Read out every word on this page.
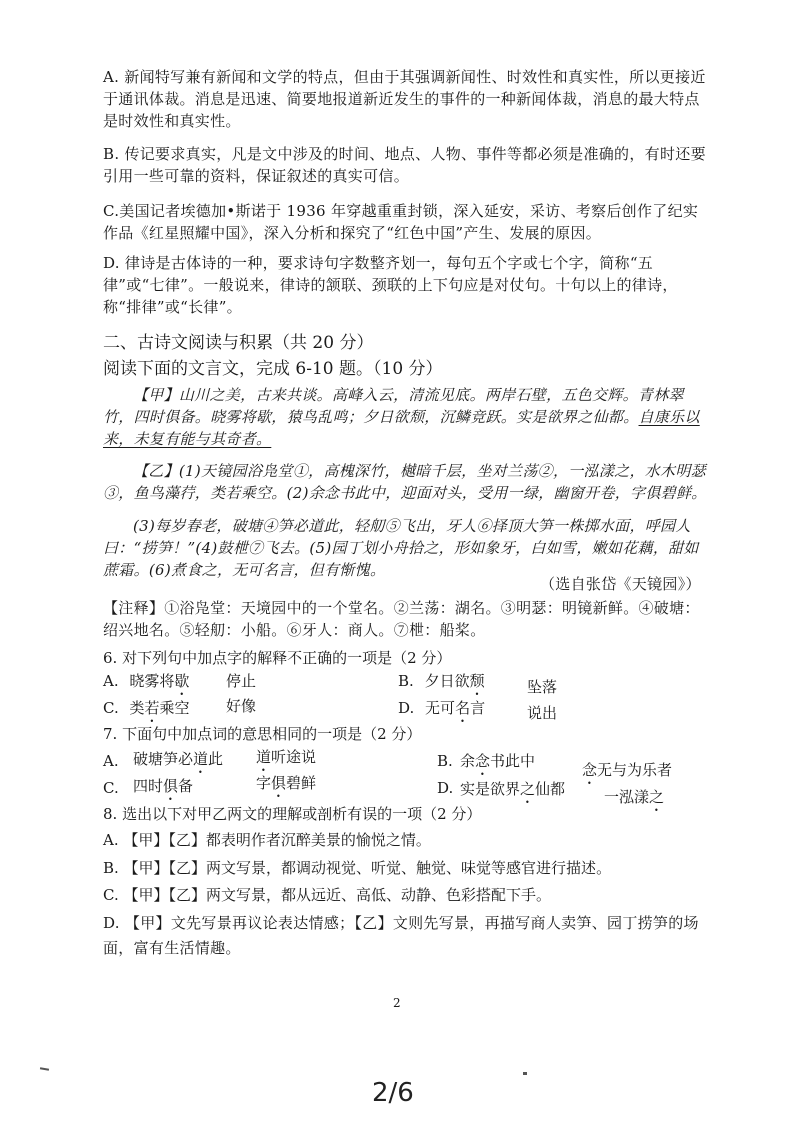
A. 新闻特写兼有新闻和文学的特点，但由于其强调新闻性、时效性和真实性，所以更接近于通讯体裁。消息是迅速、简要地报道新近发生的事件的一种新闻体裁，消息的最大特点是时效性和真实性。
B. 传记要求真实，凡是文中涉及的时间、地点、人物、事件等都必须是准确的，有时还要引用一些可靠的资料，保证叙述的真实可信。
C.美国记者埃德加•斯诺于 1936 年穿越重重封锁，深入延安，采访、考察后创作了纪实作品《红星照耀中国》，深入分析和探究了“红色中国”产生、发展的原因。
D. 律诗是古体诗的一种，要求诗句字数整齐划一，每句五个字或七个字，简称“五律”或“七律”。一般说来，律诗的颔联、颈联的上下句应是对仗句。十句以上的律诗，称“排律”或“长律”。
二、古诗文阅读与积累（共 20 分）
阅读下面的文言文，完成 6-10 题。（10 分）
【甲】山川之美，古来共谈。高峰入云，清流见底。两岸石壁，五色交辉。青林翠竹，四时俱备。晓雾将歇，猿鸟乱鸣；夕日欲颓，沉鳞竞跃。实是欲界之仙都。自康乐以来，未复有能与其奇者。
【乙】(1)天镜园浴凫堂①，高槐深竹，樾暗千层，坐对兰荡②，一泓漾之，水木明瑟③，鱼鸟藻荇，类若乘空。(2)余念书此中，迎面对头，受用一绿，幽窗开卷，字俱碧鲜。
(3)每岁春老，破塘④笋必道此，轻舠⑤飞出，牙人⑥择顶大笋一株掷水面，呼园人曰：“捞笋！”(4)鼓枻⑦飞去。(5)园丁划小舟拾之，形如象牙，白如雪，嫩如花藕，甜如蔗霜。(6)煮食之，无可名言，但有惭愧。
（选自张岱《天镜园》）
【注释】①浴凫堂：天境园中的一个堂名。②兰荡：湖名。③明瑟：明镜新鲜。④破塘：绍兴地名。⑤轻舠：小船。⑥牙人：商人。⑦枻：船桨。
6. 对下列句中加点字的解释不正确的一项是（2 分）
A. 晓雾将歇 停止	B. 夕日欲颓	坠落
C. 类若乘空 好像	D. 无可名言	说出
7. 下面句中加点词的意思相同的一项是（2 分）
A. 破塘笋必道此 道听途说	B. 余念书此中	念无与为乐者
C. 四时俱备	字俱碧鲜	D. 实是欲界之仙都	一泓漾之
8. 选出以下对甲乙两文的理解或剖析有误的一项（2 分）
A. 【甲】【乙】都表明作者沉醉美景的愉悦之情。
B. 【甲】【乙】两文写景，都调动视觉、听觉、触觉、味觉等感官进行描述。
C. 【甲】【乙】两文写景，都从远近、高低、动静、色彩搭配下手。
D. 【甲】文先写景再议论表达情感；【乙】文则先写景，再描写商人卖笋、园丁捞笋的场面，富有生活情趣。
2
2/6
